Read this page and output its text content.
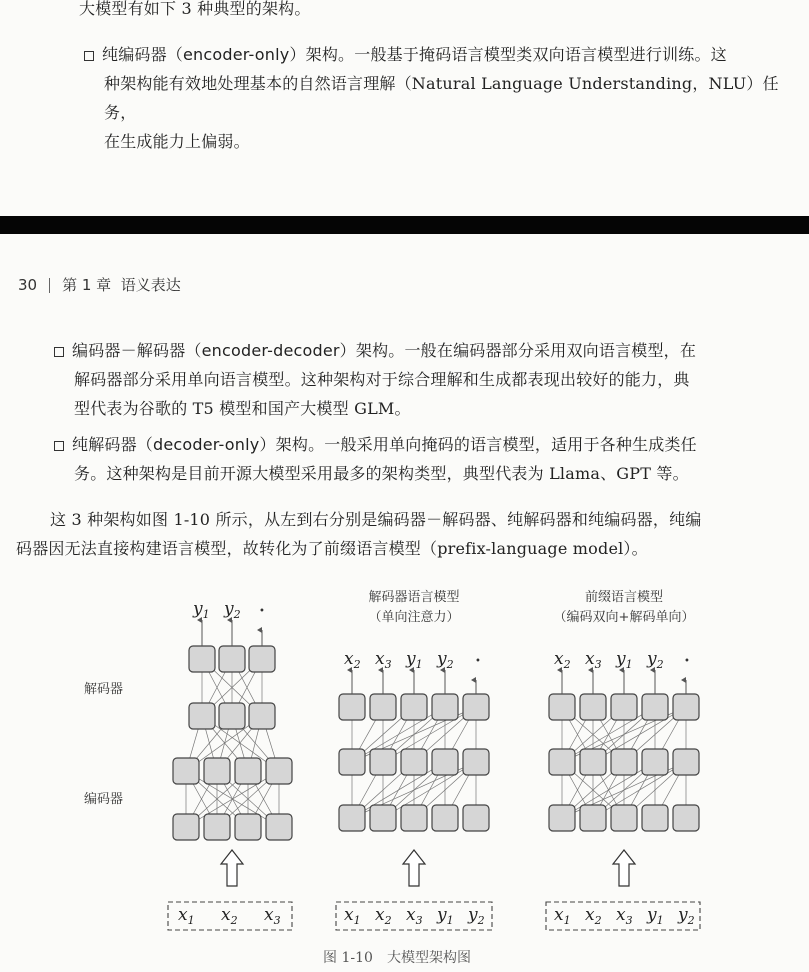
大模型有如下 3 种典型的架构。
纯编码器（encoder-only）架构。一般基于掩码语言模型类双向语言模型进行训练。这
种架构能有效地处理基本的自然语言理解（Natural Language Understanding，NLU）任务，
在生成能力上偏弱。
30 第 1 章 语义表达
编码器－解码器（encoder-decoder）架构。一般在编码器部分采用双向语言模型，在
解码器部分采用单向语言模型。这种架构对于综合理解和生成都表现出较好的能力，典
型代表为谷歌的 T5 模型和国产大模型 GLM。
纯解码器（decoder-only）架构。一般采用单向掩码的语言模型，适用于各种生成类任
务。这种架构是目前开源大模型采用最多的架构类型，典型代表为 Llama、GPT 等。
这 3 种架构如图 1-10 所示，从左到右分别是编码器－解码器、纯解码器和纯编码器，纯编
码器因无法直接构建语言模型，故转化为了前缀语言模型（prefix-language model）。
解码器
编码器
解码器语言模型
（单向注意力）
前缀语言模型
（编码双向+解码单向）
$y_1$ $y_2$ •
$x_1$ $x_2$ $x_3$
•	•
图 1-10　大模型架构图
$x_2$ $x_3$ $y_1$ $y_2$
$x_1$ $x_2$ $x_3$ $y_1$ $y_2$
$x_2$ $x_3$ $y_1$ $y_2$
$x_1$ $x_2$ $x_3$ $y_1$ $y_2$
